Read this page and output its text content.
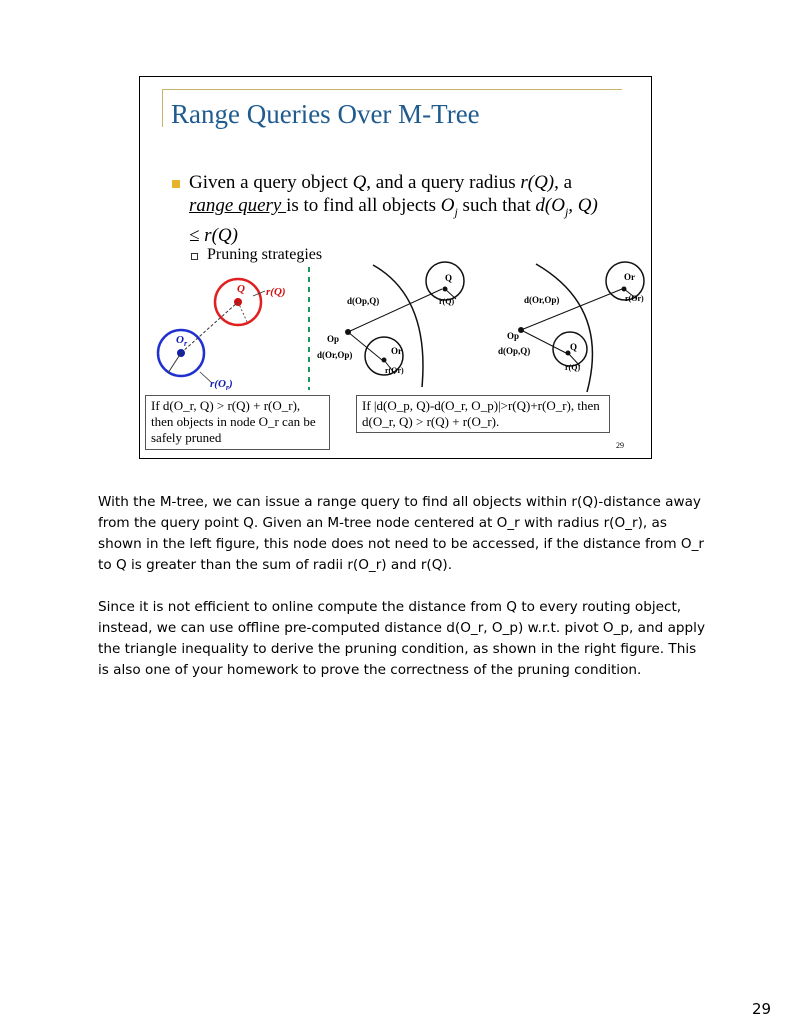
Range Queries Over M-Tree
Given a query object Q, and a query radius r(Q), a
range query is to find all objects $O_j$ such that $d(O_j$, Q)
≤ r(Q)
Pruning strategies
Q r(Q)
$O_r$
$r(O_r)$
Q
r(Q)
Or
r(Or)
d(Op,Q)
Op
d(Or,Op)
Or
r(Or)
Q
r(Q)
d(Or,Op)
Op
d(Op,Q)
If d(O_r, Q) > r(Q) + r(O_r),
then objects in node O_r can be
safely pruned
If |d(O_p, Q)-d(O_r, O_p)|>r(Q)+r(O_r), then
d(O_r, Q) > r(Q) + r(O_r).
29

With the M-tree, we can issue a range query to find all objects within r(Q)-distance away from the query point Q. Given an M-tree node centered at O_r with radius r(O_r), as shown in the left figure, this node does not need to be accessed, if the distance from O_r to Q is greater than the sum of radii r(O_r) and r(Q).

Since it is not efficient to online compute the distance from Q to every routing object, instead, we can use offline pre-computed distance d(O_r, O_p) w.r.t. pivot O_p, and apply the triangle inequality to derive the pruning condition, as shown in the right figure. This is also one of your homework to prove the correctness of the pruning condition.

29
